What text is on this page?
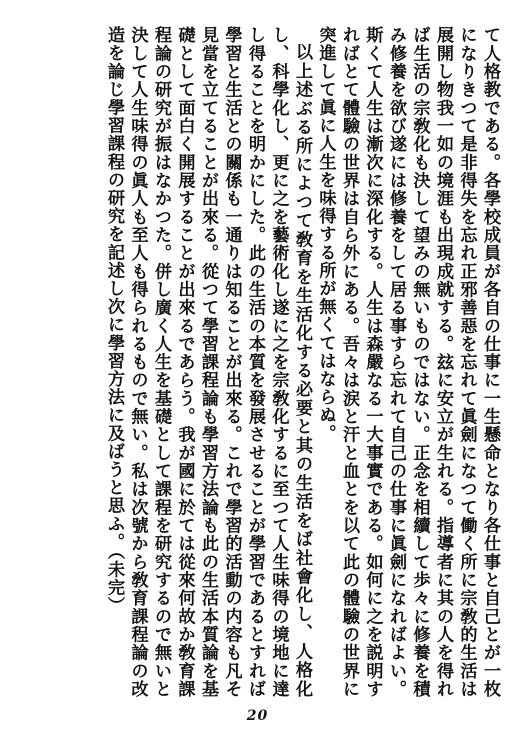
て人格教である。各學校成員が各自の仕事に一生懸命となり各仕事と自己とが一枚になりきつて是非得失を忘れ正邪善惡を忘れて眞劍になつて働く所に宗敎的生活は展開し物我一如の境涯も出現成就する。玆に安立が生れる。指導者に其の人を得れば生活の宗敎化も決して望みの無いものではない。正念を相續して歩々に修養を積み修養を欲び遂には修養をして居る事すら忘れて自己の仕事に眞劍になればよい。斯くて人生は漸次に深化する。人生は森嚴なる一大事實である。如何に之を説明すればとて體驗の世界は自ら外にある。吾々は涙と汗と血とを以て此の體驗の世界に突進して眞に人生を味得する所が無くてはならぬ。

以上述ぶる所によつて敎育を生活化する必要と其の生活をば社會化し、人格化し、科學化し、更に之を藝術化し遂に之を宗敎化するに至つて人生味得の境地に達し得ることを明かにした。此の生活の本質を發展させることが學習であるとすれば學習と生活との關係も一通りは知ることが出來る。これで學習的活動の内容も凡そ見當を立てることが出來る。從つて學習課程論も學習方法論も此の生活本質論を基礎として面白く開展することが出來るであらう。我が國に於ては從來何故か敎育課程論の研究が振はなかつた。併し廣く人生を基礎として課程を研究するので無いと決して人生味得の眞人も至人も得られるもので無い。私は次號から敎育課程論の改造を論じ學習課程の研究を記述し次に學習方法に及ばうと思ふ。（未完）

20
